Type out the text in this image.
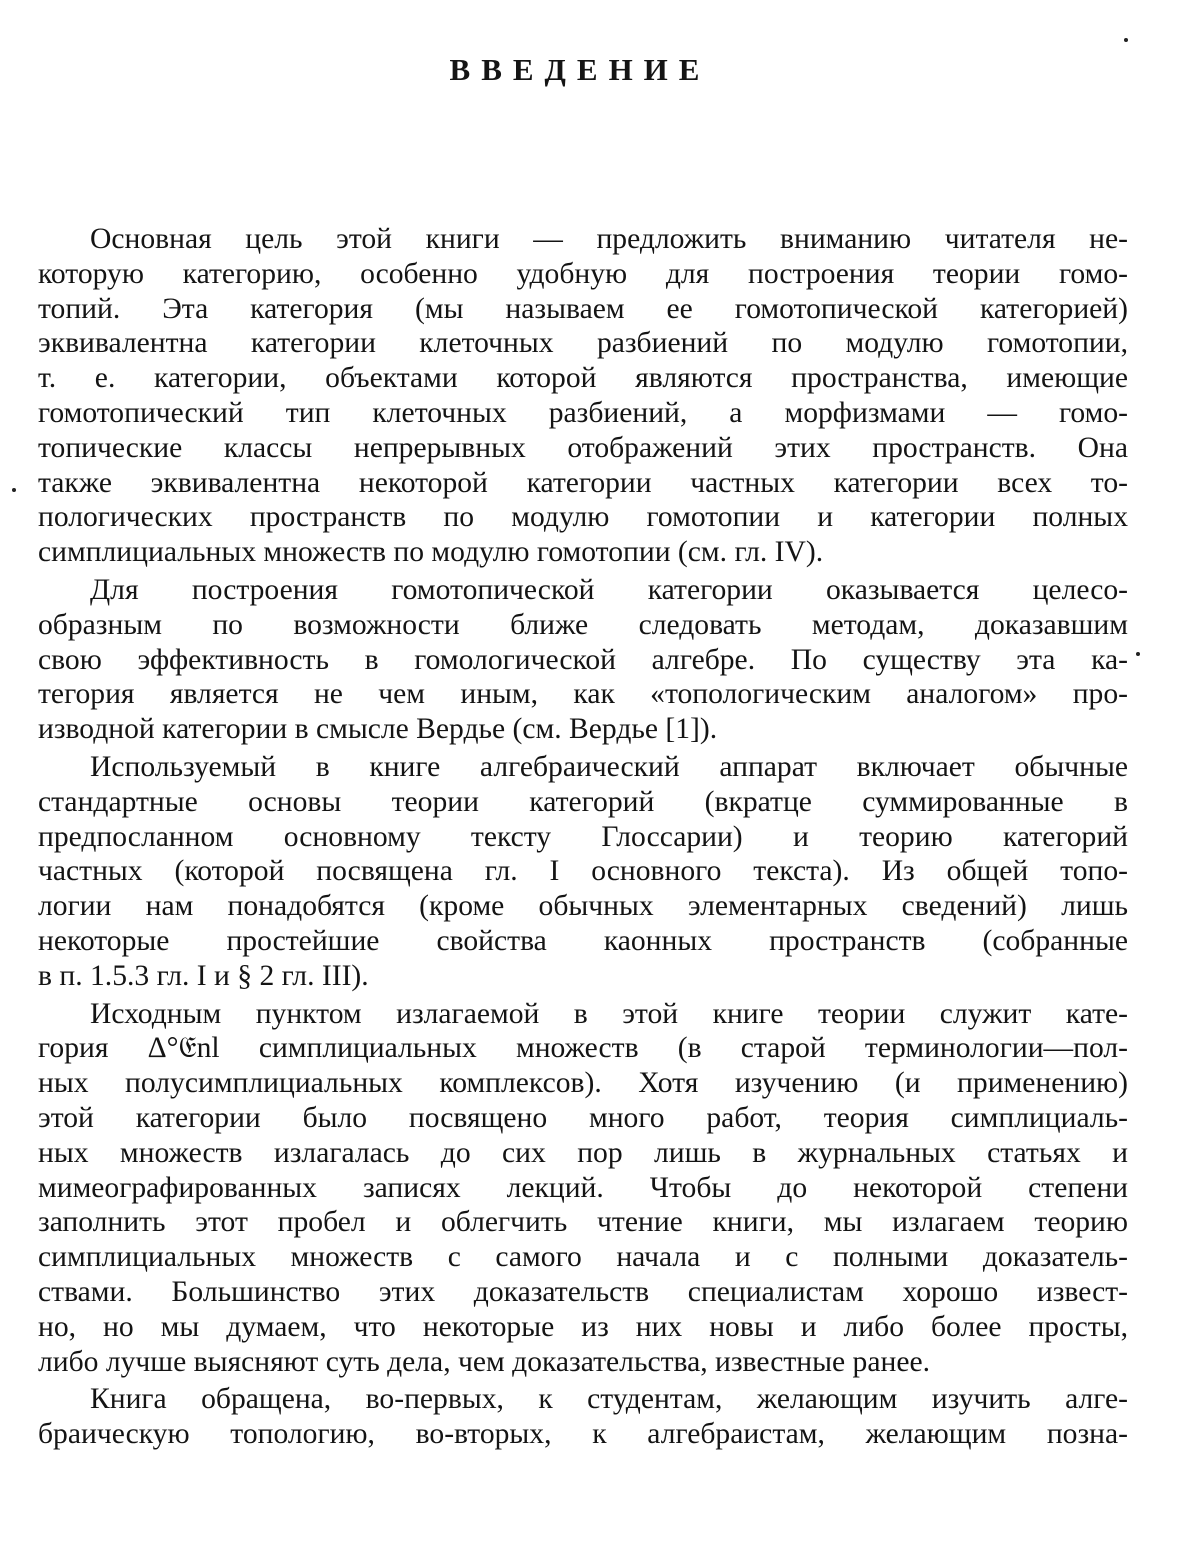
ВВЕДЕНИЕ
Основная цель этой книги — предложить вниманию читателя не-
которую категорию, особенно удобную для построения теории гомо-
топий. Эта категория (мы называем ее гомотопической категорией)
эквивалентна категории клеточных разбиений по модулю гомотопии,
т. е. категории, объектами которой являются пространства, имеющие
гомотопический тип клеточных разбиений, а морфизмами — гомо-
топические классы непрерывных отображений этих пространств. Она
также эквивалентна некоторой категории частных категории всех то-
пологических пространств по модулю гомотопии и категории полных
симплициальных множеств по модулю гомотопии (см. гл. IV).
Для построения гомотопической категории оказывается целесо-
образным по возможности ближе следовать методам, доказавшим
свою эффективность в гомологической алгебре. По существу эта ка-
тегория является не чем иным, как «топологическим аналогом» про-
изводной категории в смысле Вердье (см. Вердье [1]).
Используемый в книге алгебраический аппарат включает обычные
стандартные основы теории категорий (вкратце суммированные в
предпосланном основному тексту Глоссарии) и теорию категорий
частных (которой посвящена гл. I основного текста). Из общей топо-
логии нам понадобятся (кроме обычных элементарных сведений) лишь
некоторые простейшие свойства каонных пространств (собранные
в п. 1.5.3 гл. I и § 2 гл. III).
Исходным пунктом излагаемой в этой книге теории служит кате-
гория Δ°𝔈nl симплициальных множеств (в старой терминологии—пол-
ных полусимплициальных комплексов). Хотя изучению (и применению)
этой категории было посвящено много работ, теория симплициаль-
ных множеств излагалась до сих пор лишь в журнальных статьях и
мимеографированных записях лекций. Чтобы до некоторой степени
заполнить этот пробел и облегчить чтение книги, мы излагаем теорию
симплициальных множеств с самого начала и с полными доказатель-
ствами. Большинство этих доказательств специалистам хорошо извест-
но, но мы думаем, что некоторые из них новы и либо более просты,
либо лучше выясняют суть дела, чем доказательства, известные ранее.
Книга обращена, во-первых, к студентам, желающим изучить алге-
браическую топологию, во-вторых, к алгебраистам, желающим позна-
